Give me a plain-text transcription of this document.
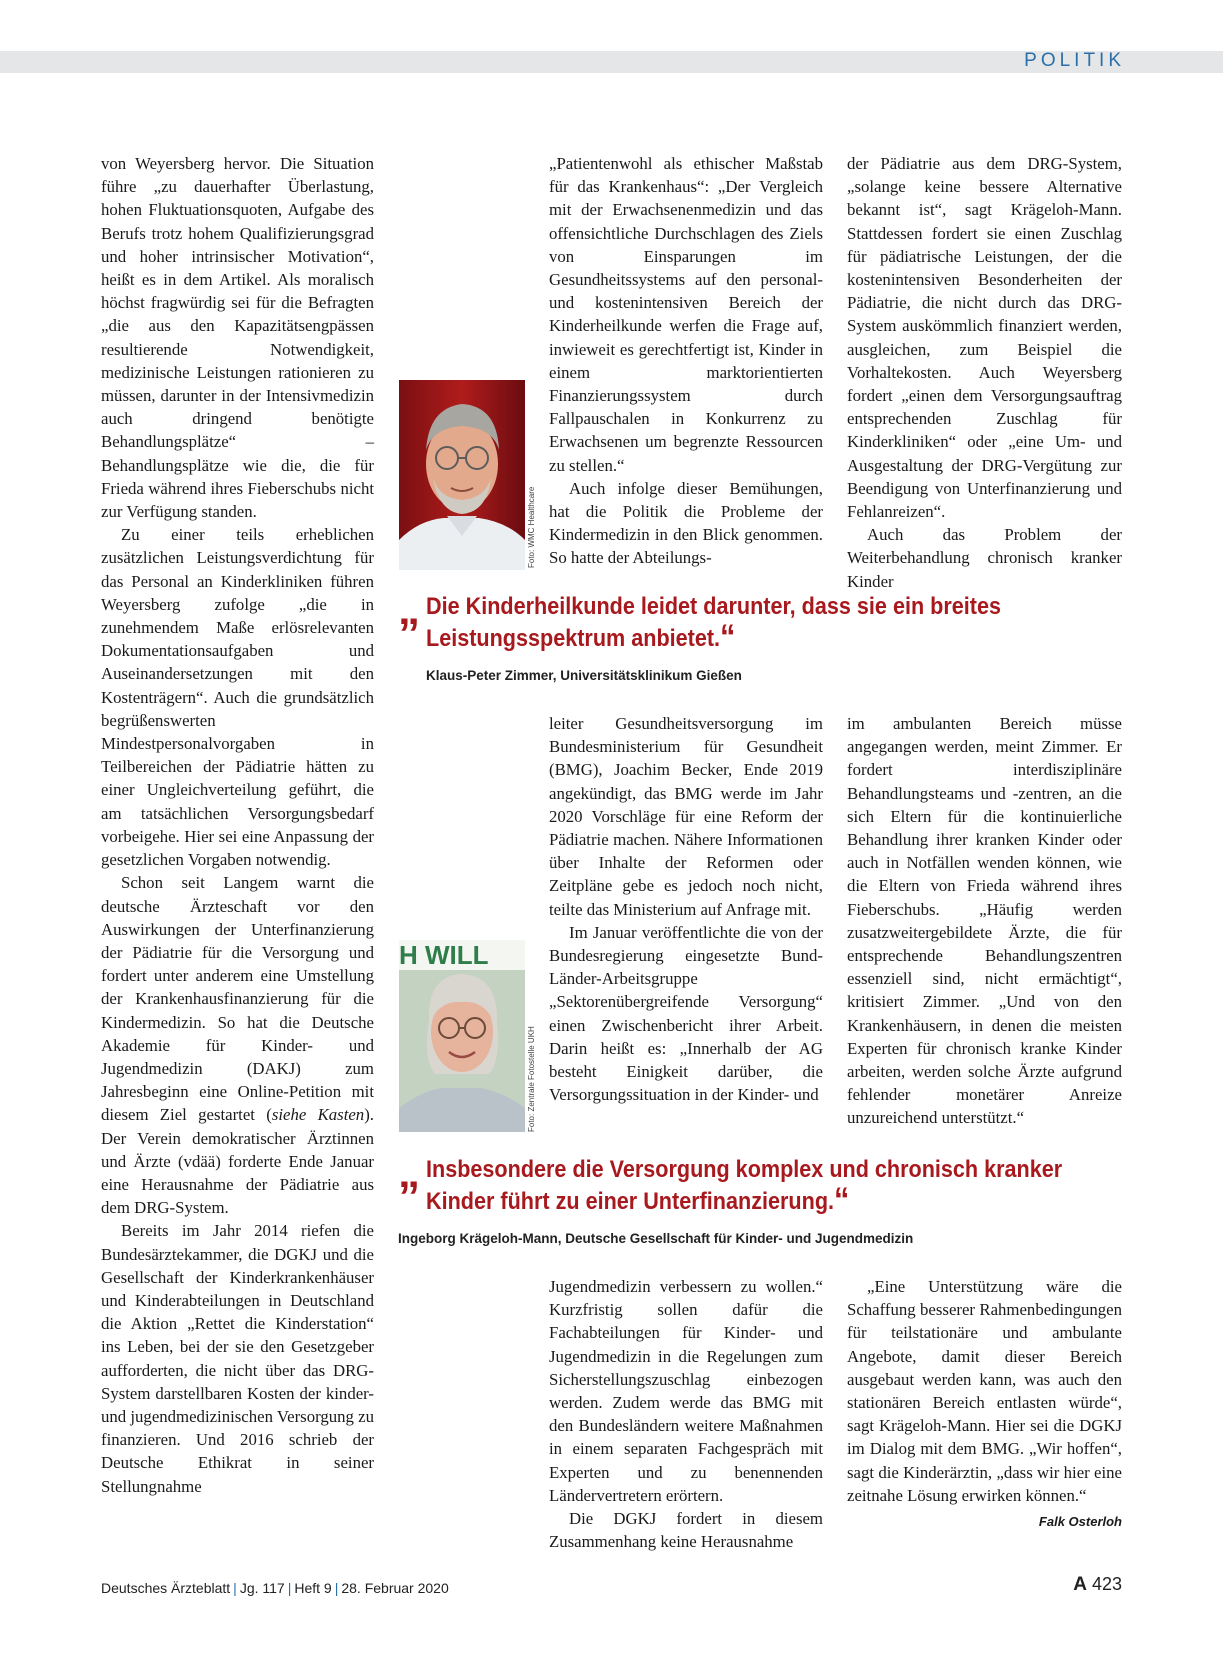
POLITIK

von Weyersberg hervor. Die Situation führe „zu dauerhafter Überlastung, hohen Fluktuationsquoten, Aufgabe des Berufs trotz hohem Qualifizierungsgrad und hoher intrinsischer Motivation“, heißt es in dem Artikel. Als moralisch höchst fragwürdig sei für die Befragten „die aus den Kapazitätsengpässen resultierende Notwendigkeit, medizinische Leistungen rationieren zu müssen, darunter in der Intensivmedizin auch dringend benötigte Behandlungsplätze“ – Behandlungsplätze wie die, die für Frieda während ihres Fieberschubs nicht zur Verfügung standen.

Zu einer teils erheblichen zusätzlichen Leistungsverdichtung für das Personal an Kinderkliniken führen Weyersberg zufolge „die in zunehmendem Maße erlösrelevanten Dokumentationsaufgaben und Auseinandersetzungen mit den Kostenträgern“. Auch die grundsätzlich begrüßenswerten Mindestpersonalvorgaben in Teilbereichen der Pädiatrie hätten zu einer Ungleichverteilung geführt, die am tatsächlichen Versorgungsbedarf vorbeigehe. Hier sei eine Anpassung der gesetzlichen Vorgaben notwendig.

Schon seit Langem warnt die deutsche Ärzteschaft vor den Auswirkungen der Unterfinanzierung der Pädiatrie für die Versorgung und fordert unter anderem eine Umstellung der Krankenhausfinanzierung für die Kindermedizin. So hat die Deutsche Akademie für Kinder- und Jugendmedizin (DAKJ) zum Jahresbeginn eine Online-Petition mit diesem Ziel gestartet (siehe Kasten). Der Verein demokratischer Ärztinnen und Ärzte (vdää) forderte Ende Januar eine Herausnahme der Pädiatrie aus dem DRG-System.

Bereits im Jahr 2014 riefen die Bundesärztekammer, die DGKJ und die Gesellschaft der Kinderkrankenhäuser und Kinderabteilungen in Deutschland die Aktion „Rettet die Kinderstation“ ins Leben, bei der sie den Gesetzgeber aufforderten, die nicht über das DRG-System darstellbaren Kosten der kinder- und jugendmedizinischen Versorgung zu finanzieren. Und 2016 schrieb der Deutsche Ethikrat in seiner Stellungnahme

„Patientenwohl als ethischer Maßstab für das Krankenhaus“: „Der Vergleich mit der Erwachsenenmedizin und das offensichtliche Durchschlagen des Ziels von Einsparungen im Gesundheitssystems auf den personal- und kostenintensiven Bereich der Kinderheilkunde werfen die Frage auf, inwieweit es gerechtfertigt ist, Kinder in einem marktorientierten Finanzierungssystem durch Fallpauschalen in Konkurrenz zu Erwachsenen um begrenzte Ressourcen zu stellen.“

Auch infolge dieser Bemühungen, hat die Politik die Probleme der Kindermedizin in den Blick genommen. So hatte der Abteilungs-

der Pädiatrie aus dem DRG-System, „solange keine bessere Alternative bekannt ist“, sagt Krägeloh-Mann. Stattdessen fordert sie einen Zuschlag für pädiatrische Leistungen, der die kostenintensiven Besonderheiten der Pädiatrie, die nicht durch das DRG-System auskömmlich finanziert werden, ausgleichen, zum Beispiel die Vorhaltekosten. Auch Weyersberg fordert „einen dem Versorgungsauftrag entsprechenden Zuschlag für Kinderkliniken“ oder „eine Um- und Ausgestaltung der DRG-Vergütung zur Beendigung von Unterfinanzierung und Fehlanreizen“.

Auch das Problem der Weiterbehandlung chronisch kranker Kinder

Foto: WMC Healthcare
„ Die Kinderheilkunde leidet darunter, dass sie ein breites
Leistungsspektrum anbietet.“
Klaus-Peter Zimmer, Universitätsklinikum Gießen

leiter Gesundheitsversorgung im Bundesministerium für Gesundheit (BMG), Joachim Becker, Ende 2019 angekündigt, das BMG werde im Jahr 2020 Vorschläge für eine Reform der Pädiatrie machen. Nähere Informationen über Inhalte der Reformen oder Zeitpläne gebe es jedoch noch nicht, teilte das Ministerium auf Anfrage mit.

Im Januar veröffentlichte die von der Bundesregierung eingesetzte Bund-Länder-Arbeitsgruppe „Sektorenübergreifende Versorgung“ einen Zwischenbericht ihrer Arbeit. Darin heißt es: „Innerhalb der AG besteht Einigkeit darüber, die Versorgungssituation in der Kinder- und

im ambulanten Bereich müsse angegangen werden, meint Zimmer. Er fordert interdisziplinäre Behandlungsteams und -zentren, an die sich Eltern für die kontinuierliche Behandlung ihrer kranken Kinder oder auch in Notfällen wenden können, wie die Eltern von Frieda während ihres Fieberschubs. „Häufig werden zusatzweitergebildete Ärzte, die für entsprechende Behandlungszentren essenziell sind, nicht ermächtigt“, kritisiert Zimmer. „Und von den Krankenhäusern, in denen die meisten Experten für chronisch kranke Kinder arbeiten, werden solche Ärzte aufgrund fehlender monetärer Anreize unzureichend unterstützt.“

H WILL
Foto: Zentrale Fotostelle UKH
„ Insbesondere die Versorgung komplex und chronisch kranker
Kinder führt zu einer Unterfinanzierung.“
Ingeborg Krägeloh-Mann, Deutsche Gesellschaft für Kinder- und Jugendmedizin

Jugendmedizin verbessern zu wollen.“ Kurzfristig sollen dafür die Fachabteilungen für Kinder- und Jugendmedizin in die Regelungen zum Sicherstellungszuschlag einbezogen werden. Zudem werde das BMG mit den Bundesländern weitere Maßnahmen in einem separaten Fachgespräch mit Experten und zu benennenden Ländervertretern erörtern.

Die DGKJ fordert in diesem Zusammenhang keine Herausnahme

„Eine Unterstützung wäre die Schaffung besserer Rahmenbedingungen für teilstationäre und ambulante Angebote, damit dieser Bereich ausgebaut werden kann, was auch den stationären Bereich entlasten würde“, sagt Krägeloh-Mann. Hier sei die DGKJ im Dialog mit dem BMG. „Wir hoffen“, sagt die Kinderärztin, „dass wir hier eine zeitnahe Lösung erwirken können.“
Falk Osterloh

Deutsches Ärzteblatt | Jg. 117 | Heft 9 | 28. Februar 2020	A 423
